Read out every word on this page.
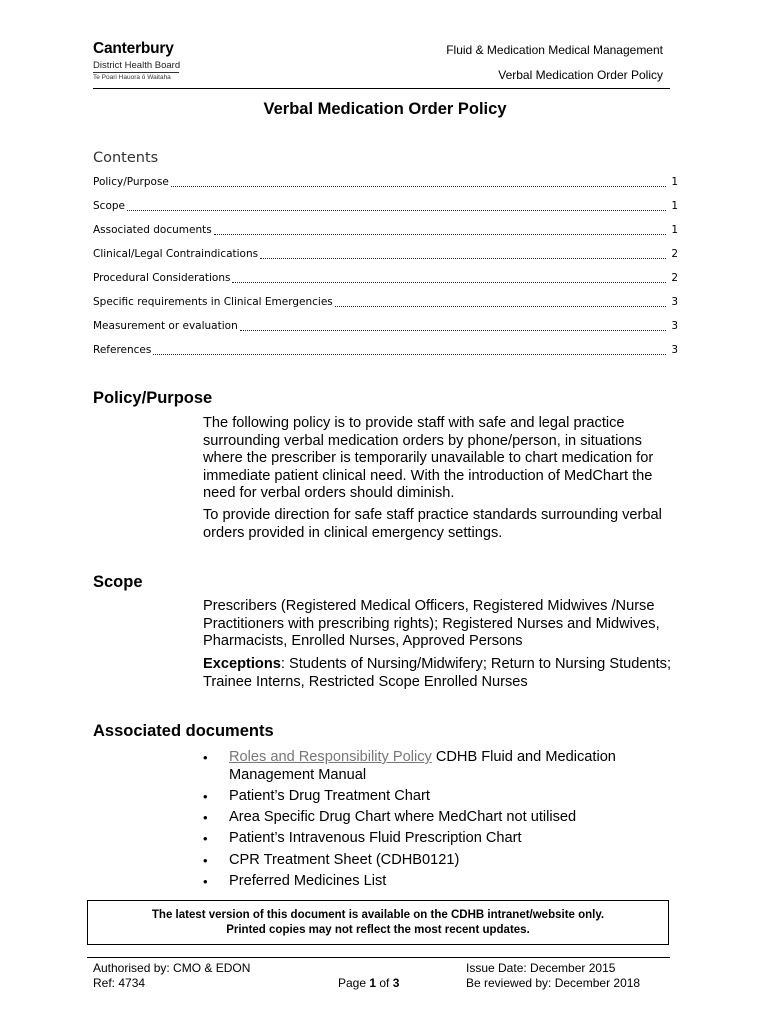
Canterbury
District Health Board
Te Poari Hauora ō Waitaha
Fluid & Medication Medical Management
Verbal Medication Order Policy
Verbal Medication Order Policy
Contents
Policy/Purpose	1
Scope	1
Associated documents	1
Clinical/Legal Contraindications	2
Procedural Considerations	2
Specific requirements in Clinical Emergencies	3
Measurement or evaluation	3
References	3
Policy/Purpose
The following policy is to provide staff with safe and legal practice surrounding verbal medication orders by phone/person, in situations where the prescriber is temporarily unavailable to chart medication for immediate patient clinical need. With the introduction of MedChart the need for verbal orders should diminish.
To provide direction for safe staff practice standards surrounding verbal orders provided in clinical emergency settings.
Scope
Prescribers (Registered Medical Officers, Registered Midwives /Nurse Practitioners with prescribing rights); Registered Nurses and Midwives, Pharmacists, Enrolled Nurses, Approved Persons
Exceptions: Students of Nursing/Midwifery; Return to Nursing Students; Trainee Interns, Restricted Scope Enrolled Nurses
Associated documents
• Roles and Responsibility Policy CDHB Fluid and Medication Management Manual
• Patient’s Drug Treatment Chart
• Area Specific Drug Chart where MedChart not utilised
• Patient’s Intravenous Fluid Prescription Chart
• CPR Treatment Sheet (CDHB0121)
• Preferred Medicines List
The latest version of this document is available on the CDHB intranet/website only.
Printed copies may not reflect the most recent updates.
Authorised by: CMO & EDON
Ref: 4734	Page 1 of 3
Issue Date: December 2015
Be reviewed by: December 2018
